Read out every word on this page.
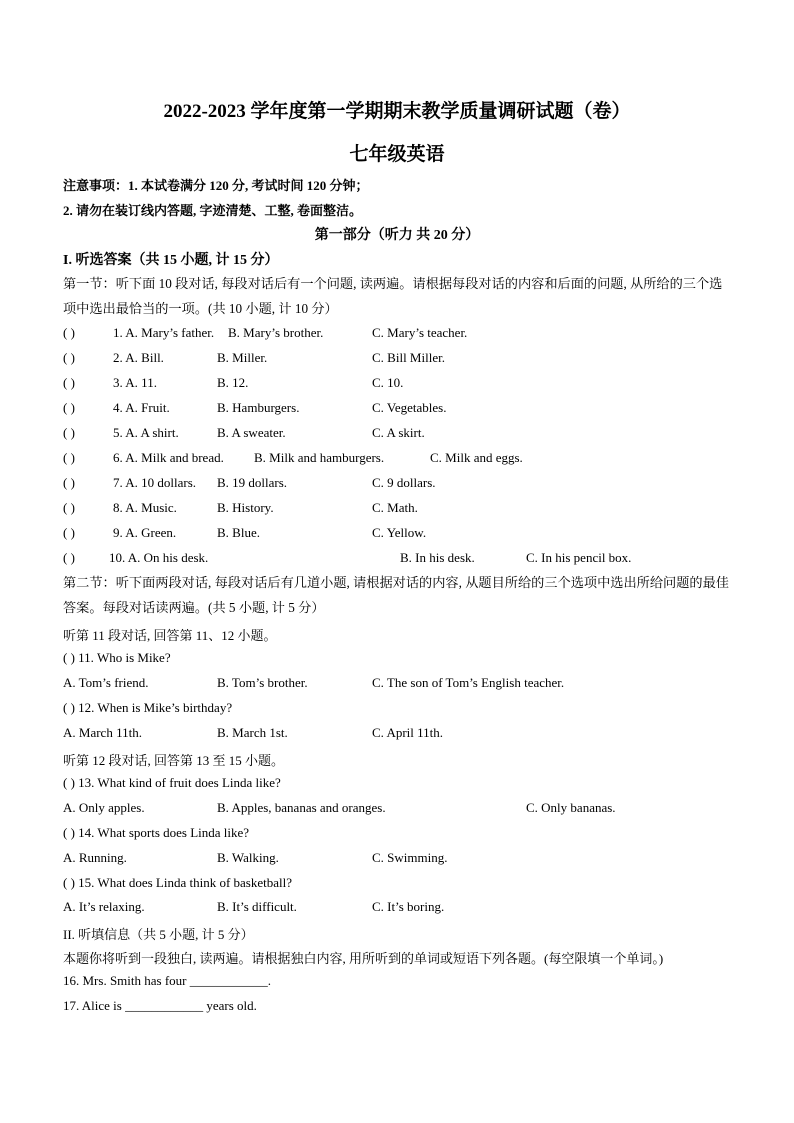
2022-2023 学年度第一学期期末教学质量调研试题（卷）
七年级英语
注意事项：1. 本试卷满分 120 分, 考试时间 120 分钟；
2. 请勿在装订线内答题, 字迹清楚、工整, 卷面整洁。
第一部分（听力 共 20 分）
I. 听选答案（共 15 小题, 计 15 分）
第一节：听下面 10 段对话, 每段对话后有一个问题, 读两遍。请根据每段对话的内容和后面的问题, 从所给的三个选项中选出最恰当的一项。(共 10 小题, 计 10 分）
( )	1. A. Mary’s father. B. Mary’s brother.	C. Mary’s teacher.
( )	2. A. Bill.	B. Miller.	C. Bill Miller.
( )	3. A. 11.	B. 12.	C. 10.
( )	4. A. Fruit.	B. Hamburgers.	C. Vegetables.
( )	5. A. A shirt.	B. A sweater.	C. A skirt.
( )	6. A. Milk and bread. B. Milk and hamburgers.	C. Milk and eggs.
( )	7. A. 10 dollars. B. 19 dollars.	C. 9 dollars.
( )	8. A. Music.	B. History.	C. Math.
( )	9. A. Green.	B. Blue.	C. Yellow.
( )	10. A. On his desk.	B. In his desk.	C. In his pencil box.
第二节：听下面两段对话, 每段对话后有几道小题, 请根据对话的内容, 从题目所给的三个选项中选出所给问题的最佳答案。每段对话读两遍。(共 5 小题, 计 5 分）
听第 11 段对话, 回答第 11、12 小题。
( ) 11. Who is Mike?
A. Tom’s friend.	B. Tom’s brother.	C. The son of Tom’s English teacher.
( ) 12. When is Mike’s birthday?
A. March 11th.	B. March 1st.	C. April 11th.
听第 12 段对话, 回答第 13 至 15 小题。
( ) 13. What kind of fruit does Linda like?
A. Only apples.	B. Apples, bananas and oranges.	C. Only bananas.
( ) 14. What sports does Linda like?
A. Running.	B. Walking.	C. Swimming.
( ) 15. What does Linda think of basketball?
A. It’s relaxing.	B. It’s difficult.	C. It’s boring.
II. 听填信息（共 5 小题, 计 5 分）
本题你将听到一段独白, 读两遍。请根据独白内容, 用所听到的单词或短语下列各题。(每空限填一个单词。)
16. Mrs. Smith has four ____________.
17. Alice is ____________ years old.
